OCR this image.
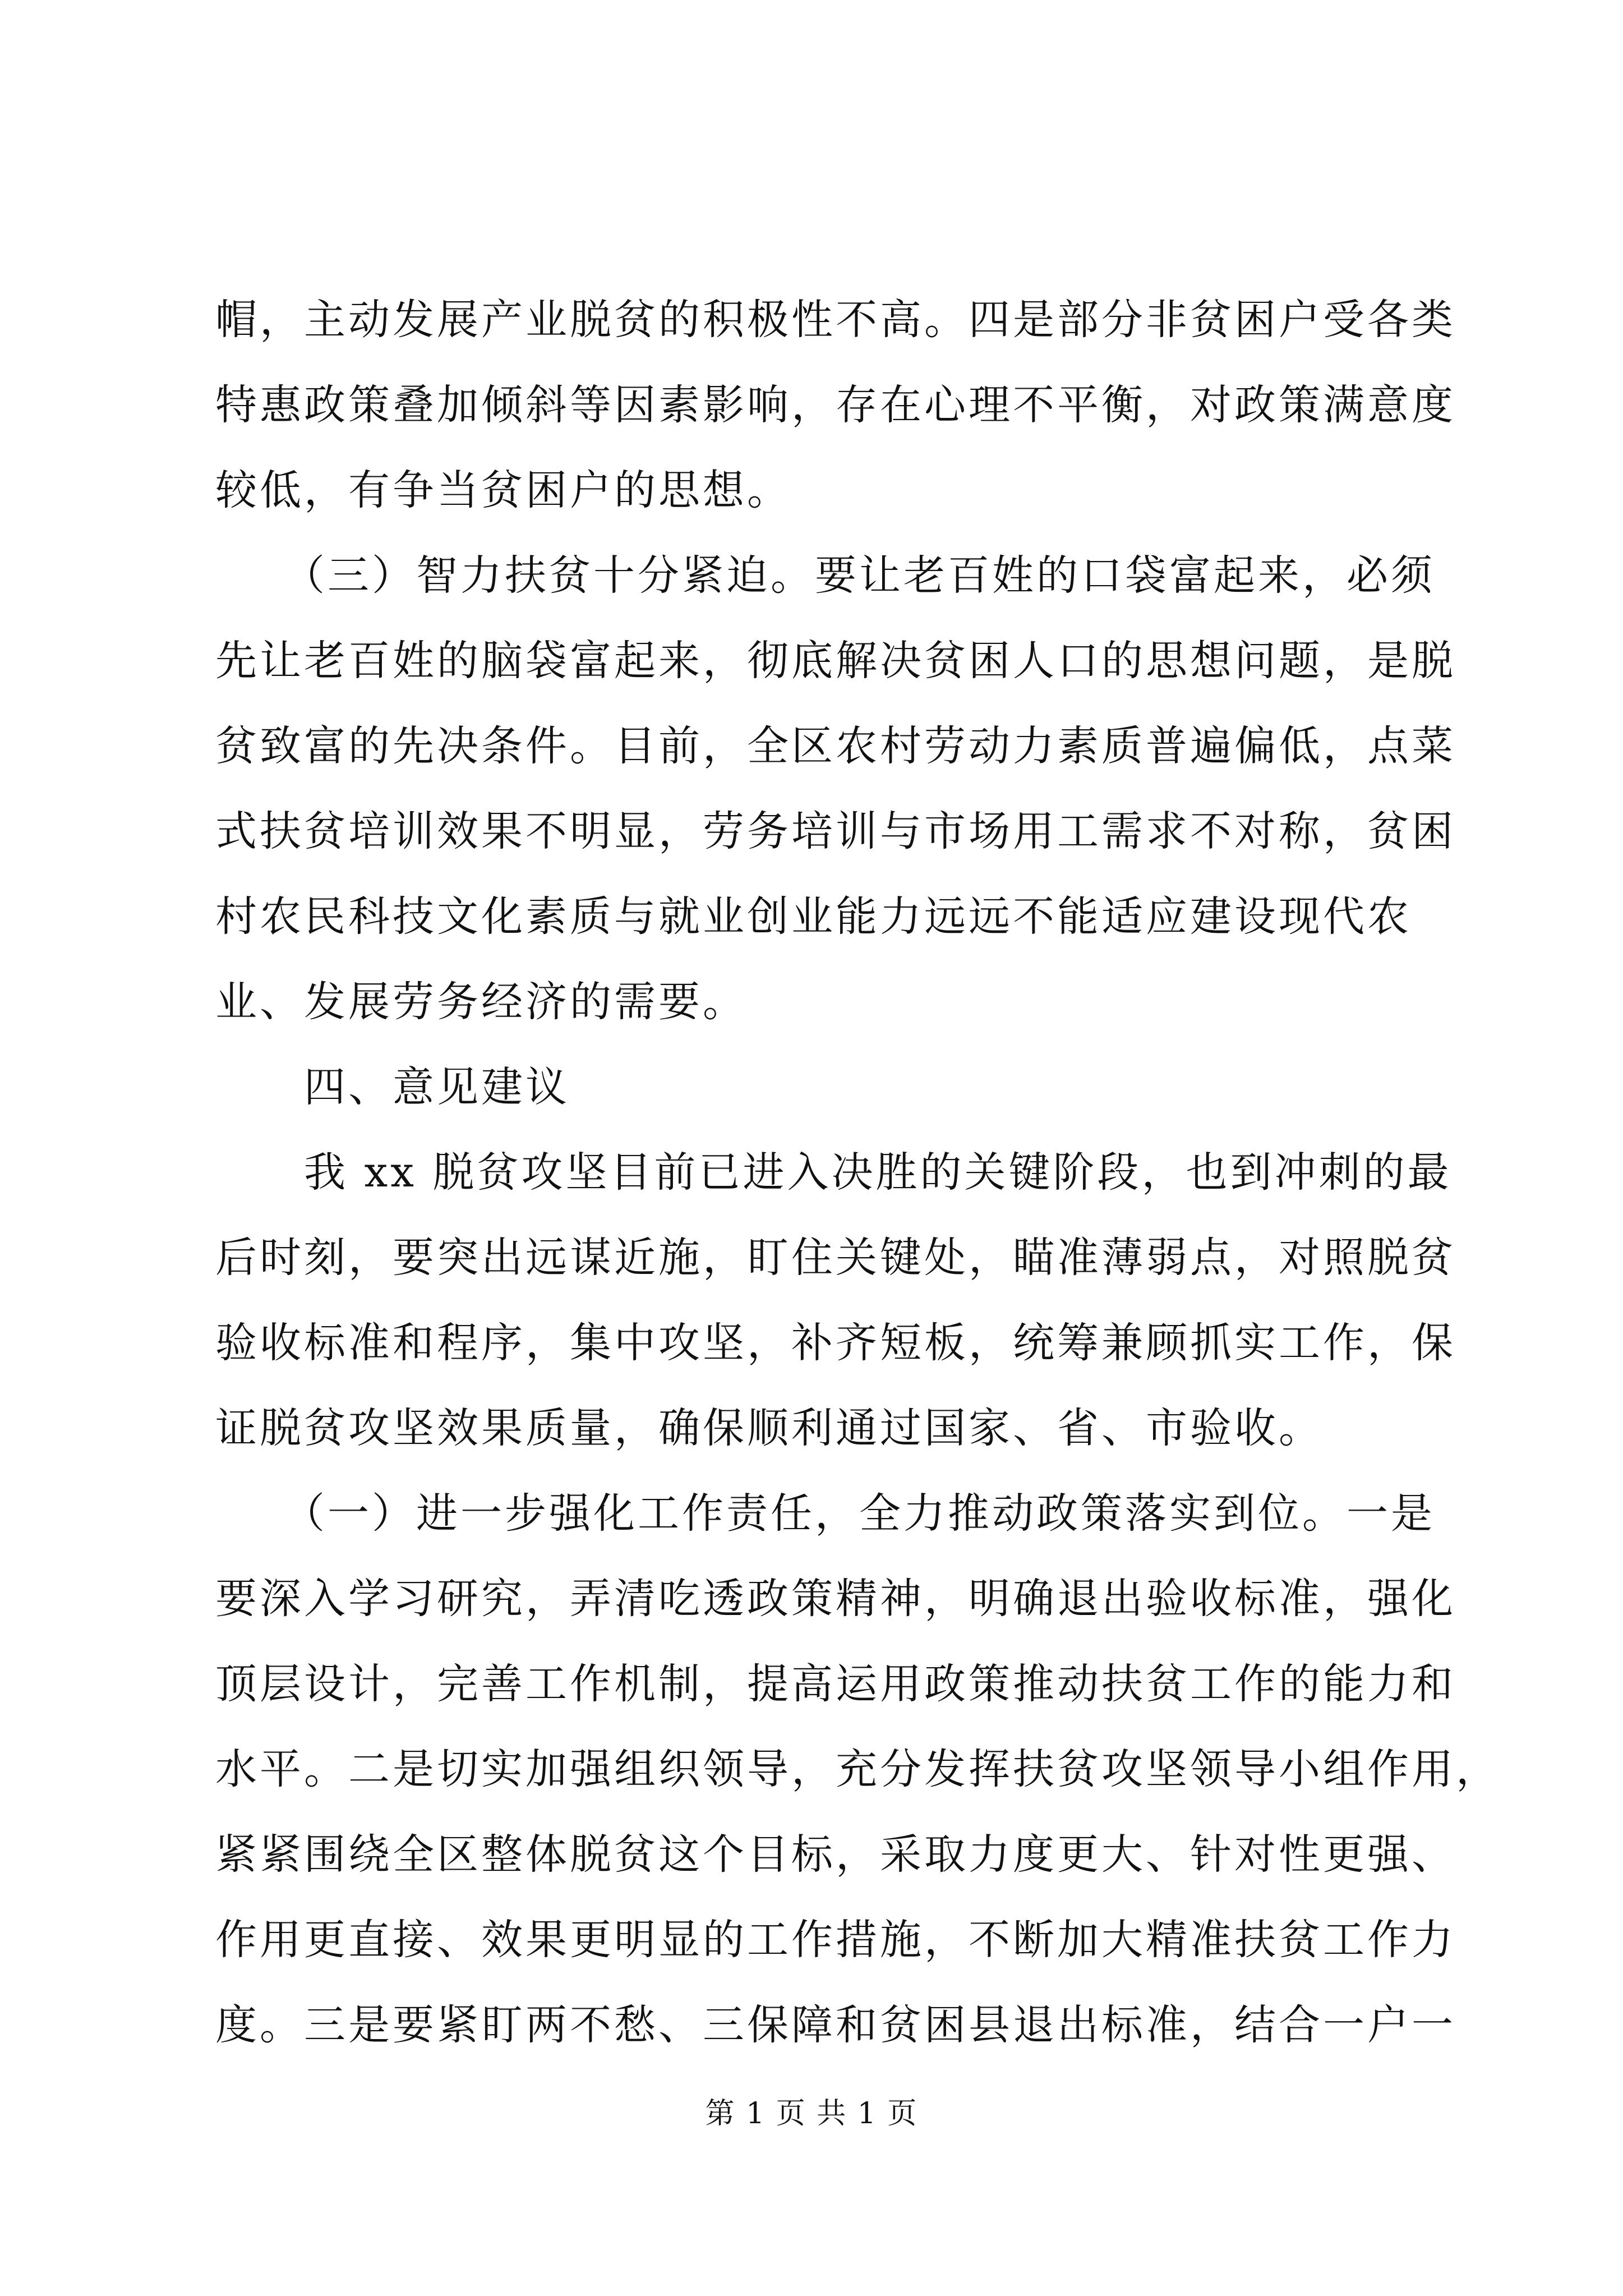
帽，主动发展产业脱贫的积极性不高。四是部分非贫困户受各类
特惠政策叠加倾斜等因素影响，存在心理不平衡，对政策满意度
较低，有争当贫困户的思想。
　　（三）智力扶贫十分紧迫。要让老百姓的口袋富起来，必须
先让老百姓的脑袋富起来，彻底解决贫困人口的思想问题，是脱
贫致富的先决条件。目前，全区农村劳动力素质普遍偏低，点菜
式扶贫培训效果不明显，劳务培训与市场用工需求不对称，贫困
村农民科技文化素质与就业创业能力远远不能适应建设现代农
业、发展劳务经济的需要。
　　四、意见建议
　　我 xx 脱贫攻坚目前已进入决胜的关键阶段，也到冲刺的最
后时刻，要突出远谋近施，盯住关键处，瞄准薄弱点，对照脱贫
验收标准和程序，集中攻坚，补齐短板，统筹兼顾抓实工作，保
证脱贫攻坚效果质量，确保顺利通过国家、省、市验收。
　　（一）进一步强化工作责任，全力推动政策落实到位。一是
要深入学习研究，弄清吃透政策精神，明确退出验收标准，强化
顶层设计，完善工作机制，提高运用政策推动扶贫工作的能力和
水平。二是切实加强组织领导，充分发挥扶贫攻坚领导小组作用，
紧紧围绕全区整体脱贫这个目标，采取力度更大、针对性更强、
作用更直接、效果更明显的工作措施，不断加大精准扶贫工作力
度。三是要紧盯两不愁、三保障和贫困县退出标准，结合一户一
第 1 页 共 1 页
